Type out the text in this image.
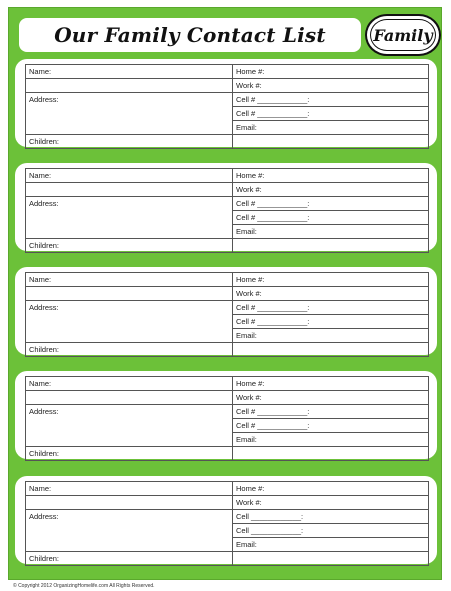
Our Family Contact List	Family
Name:	Home #:
	Work #:
Address:	Cell # ____________:
	Cell # ____________:
	Email:
Children:	
Name:	Home #:
	Work #:
Address:	Cell # ____________:
	Cell # ____________:
	Email:
Children:	
Name:	Home #:
	Work #:
Address:	Cell # ____________:
	Cell # ____________:
	Email:
Children:	
Name:	Home #:
	Work #:
Address:	Cell # ____________:
	Cell # ____________:
	Email:
Children:	
Name:	Home #:
	Work #:
Address:	Cell ____________:
	Cell ____________:
	Email:
Children:	
© Copyright 2012 OrganizingHomelife.com All Rights Reserved.
